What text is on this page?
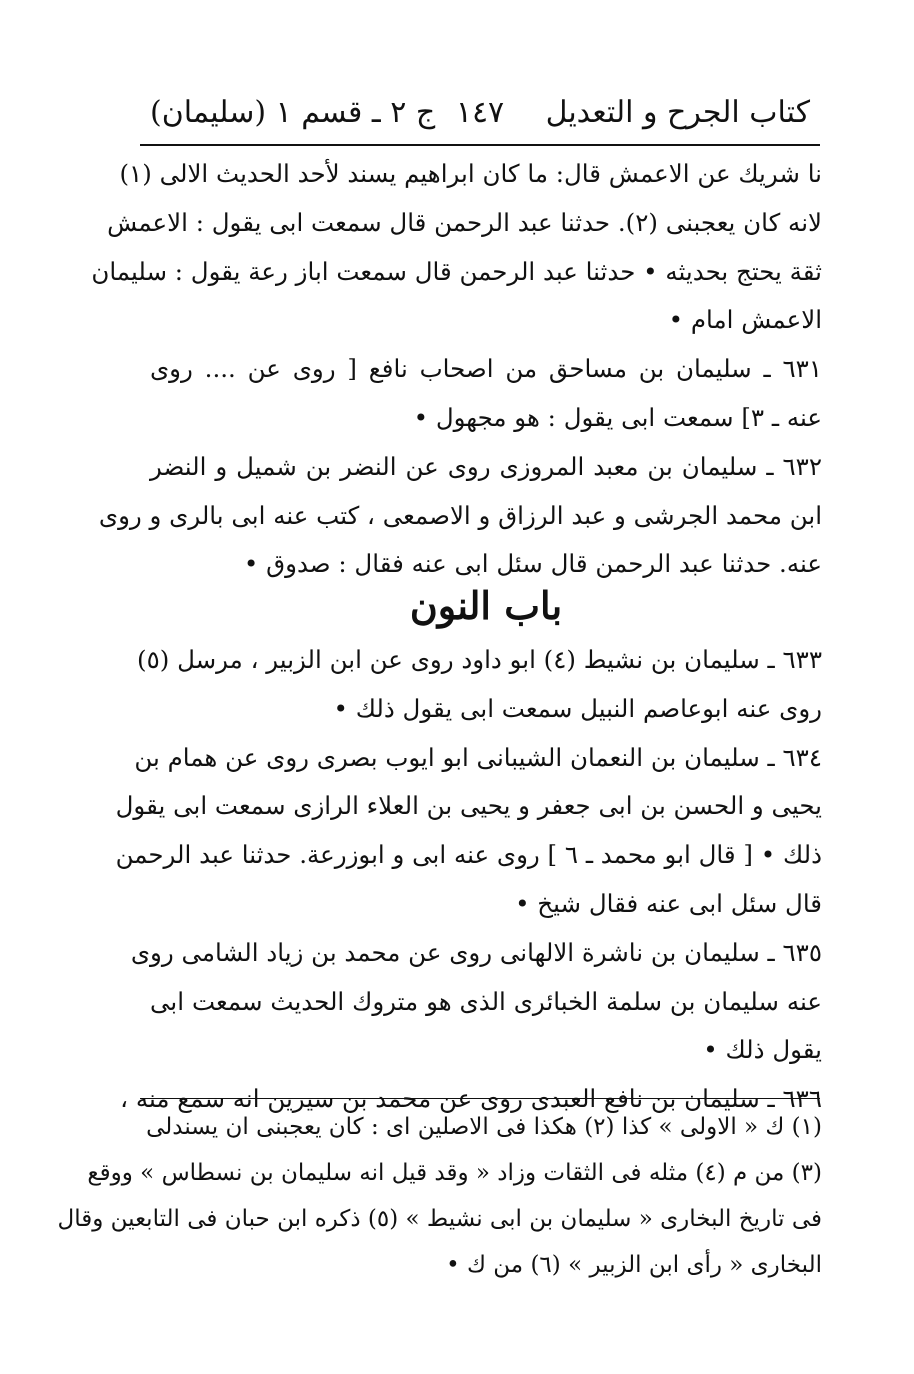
كتاب الجرح و التعديل
١٤٧
(سليمان) ج ٢ ـ قسم ١
نا شريك عن الاعمش قال: ما كان ابراهيم يسند لأحد الحديث الالى (١)
لانه كان يعجبنى (٢). حدثنا عبد الرحمن قال سمعت ابى يقول : الاعمش
ثقة يحتج بحديثه • حدثنا عبد الرحمن قال سمعت اباز رعة يقول : سليمان
الاعمش امام •
٦٣١ ـ سليمان بن مساحق من اصحاب نافع [ روى عن .... روى
عنه ـ ٣] سمعت ابى يقول : هو مجهول •
٦٣٢ ـ سليمان بن معبد المروزى روى عن النضر بن شميل و النضر
ابن محمد الجرشى و عبد الرزاق و الاصمعى ، كتب عنه ابى بالرى و روى
عنه. حدثنا عبد الرحمن قال سئل ابى عنه فقال : صدوق •
باب النون
٦٣٣ ـ سليمان بن نشيط (٤) ابو داود روى عن ابن الزبير ، مرسل (٥)
روى عنه ابوعاصم النبيل سمعت ابى يقول ذلك •
٦٣٤ ـ سليمان بن النعمان الشيبانى ابو ايوب بصرى روى عن همام بن
يحيى و الحسن بن ابى جعفر و يحيى بن العلاء الرازى سمعت ابى يقول
ذلك • [ قال ابو محمد ـ ٦ ] روى عنه ابى و ابوزرعة. حدثنا عبد الرحمن
قال سئل ابى عنه فقال شيخ •
٦٣٥ ـ سليمان بن ناشرة الالهانى روى عن محمد بن زياد الشامى روى
عنه سليمان بن سلمة الخبائرى الذى هو متروك الحديث سمعت ابى
يقول ذلك •
٦٣٦ ـ سليمان بن نافع العبدى روى عن محمد بن سيرين انه سمع منه ،
(١) ك « الاولى » كذا (٢) هكذا فى الاصلين اى : كان يعجبنى ان يسندلى
(٣) من م (٤) مثله فى الثقات وزاد « وقد قيل انه سليمان بن نسطاس » ووقع
فى تاريخ البخارى « سليمان بن ابى نشيط » (٥) ذكره ابن حبان فى التابعين وقال
البخارى « رأى ابن الزبير » (٦) من ك •
